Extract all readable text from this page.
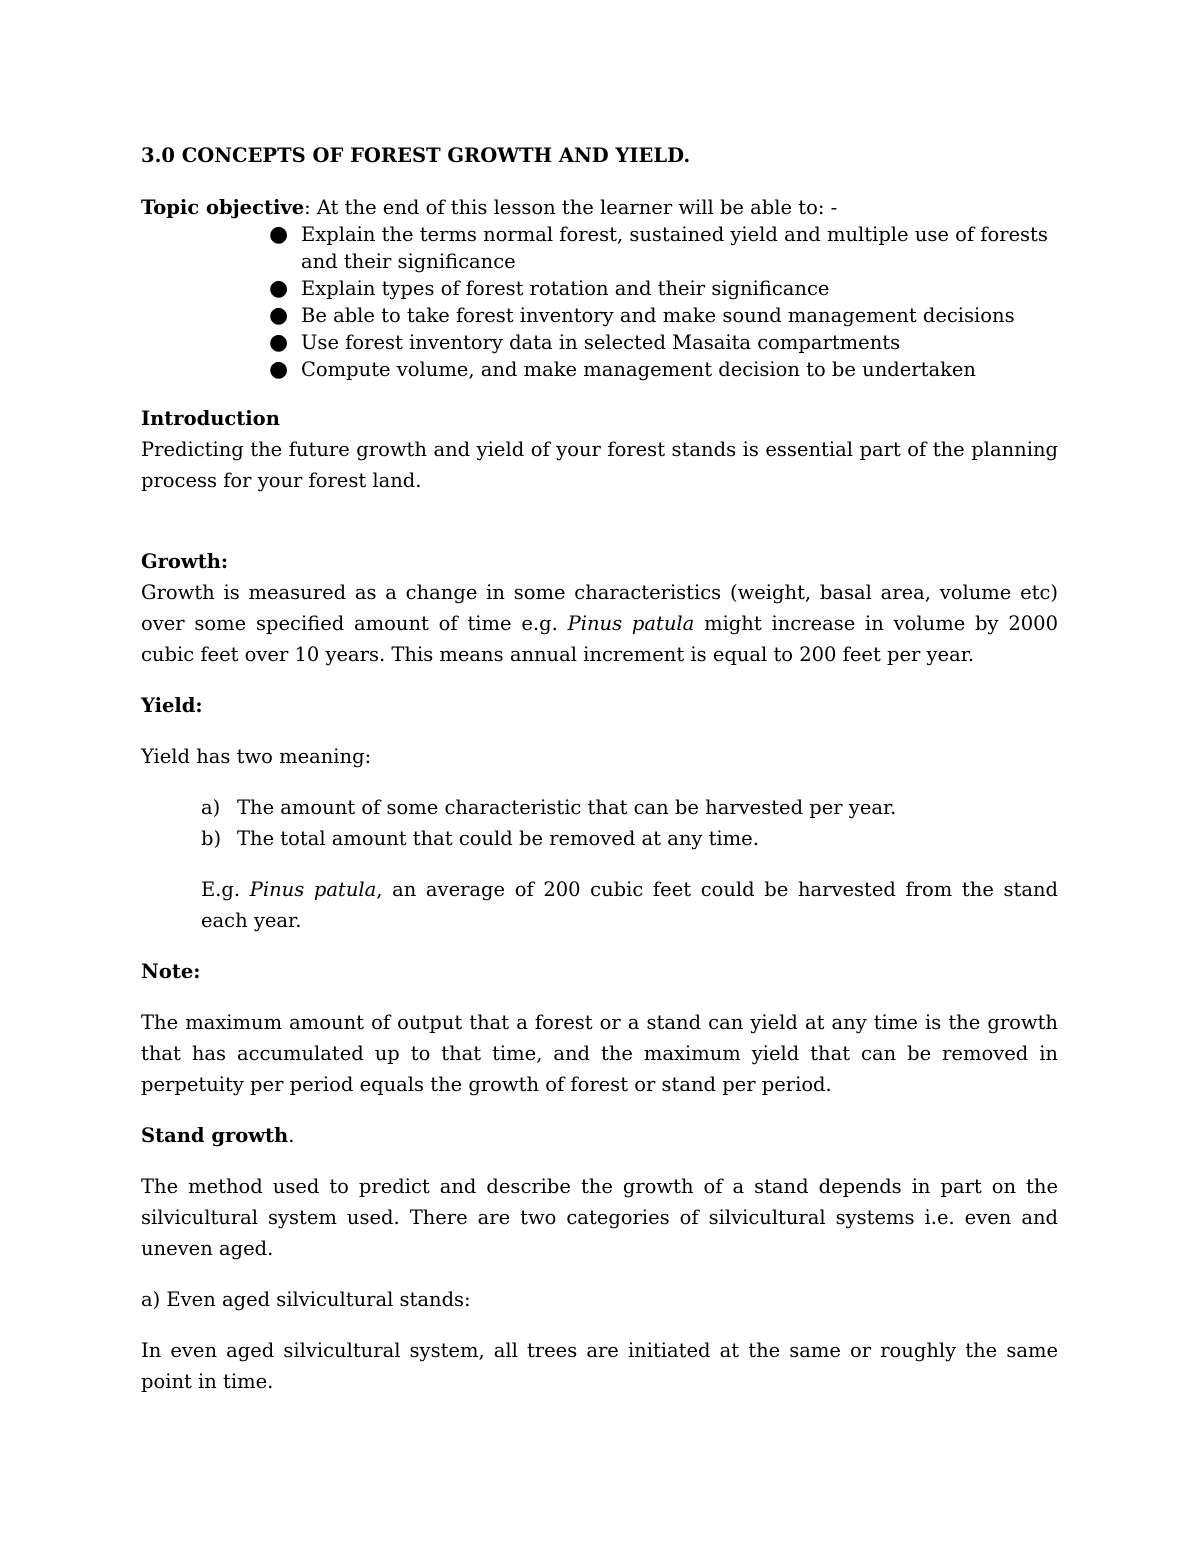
3.0 CONCEPTS OF FOREST GROWTH AND YIELD.

Topic objective: At the end of this lesson the learner will be able to: -

● Explain the terms normal forest, sustained yield and multiple use of forests and their significance
● Explain types of forest rotation and their significance
● Be able to take forest inventory and make sound management decisions
● Use forest inventory data in selected Masaita compartments
● Compute volume, and make management decision to be undertaken

Introduction

Predicting the future growth and yield of your forest stands is essential part of the planning process for your forest land.

Growth:

Growth is measured as a change in some characteristics (weight, basal area, volume etc) over some specified amount of time e.g. Pinus patula might increase in volume by 2000 cubic feet over 10 years. This means annual increment is equal to 200 feet per year.

Yield:

Yield has two meaning:

a) The amount of some characteristic that can be harvested per year.
b) The total amount that could be removed at any time.

E.g. Pinus patula, an average of 200 cubic feet could be harvested from the stand each year.

Note:

The maximum amount of output that a forest or a stand can yield at any time is the growth that has accumulated up to that time, and the maximum yield that can be removed in perpetuity per period equals the growth of forest or stand per period.

Stand growth.

The method used to predict and describe the growth of a stand depends in part on the silvicultural system used. There are two categories of silvicultural systems i.e. even and uneven aged.

a) Even aged silvicultural stands:

In even aged silvicultural system, all trees are initiated at the same or roughly the same point in time.
